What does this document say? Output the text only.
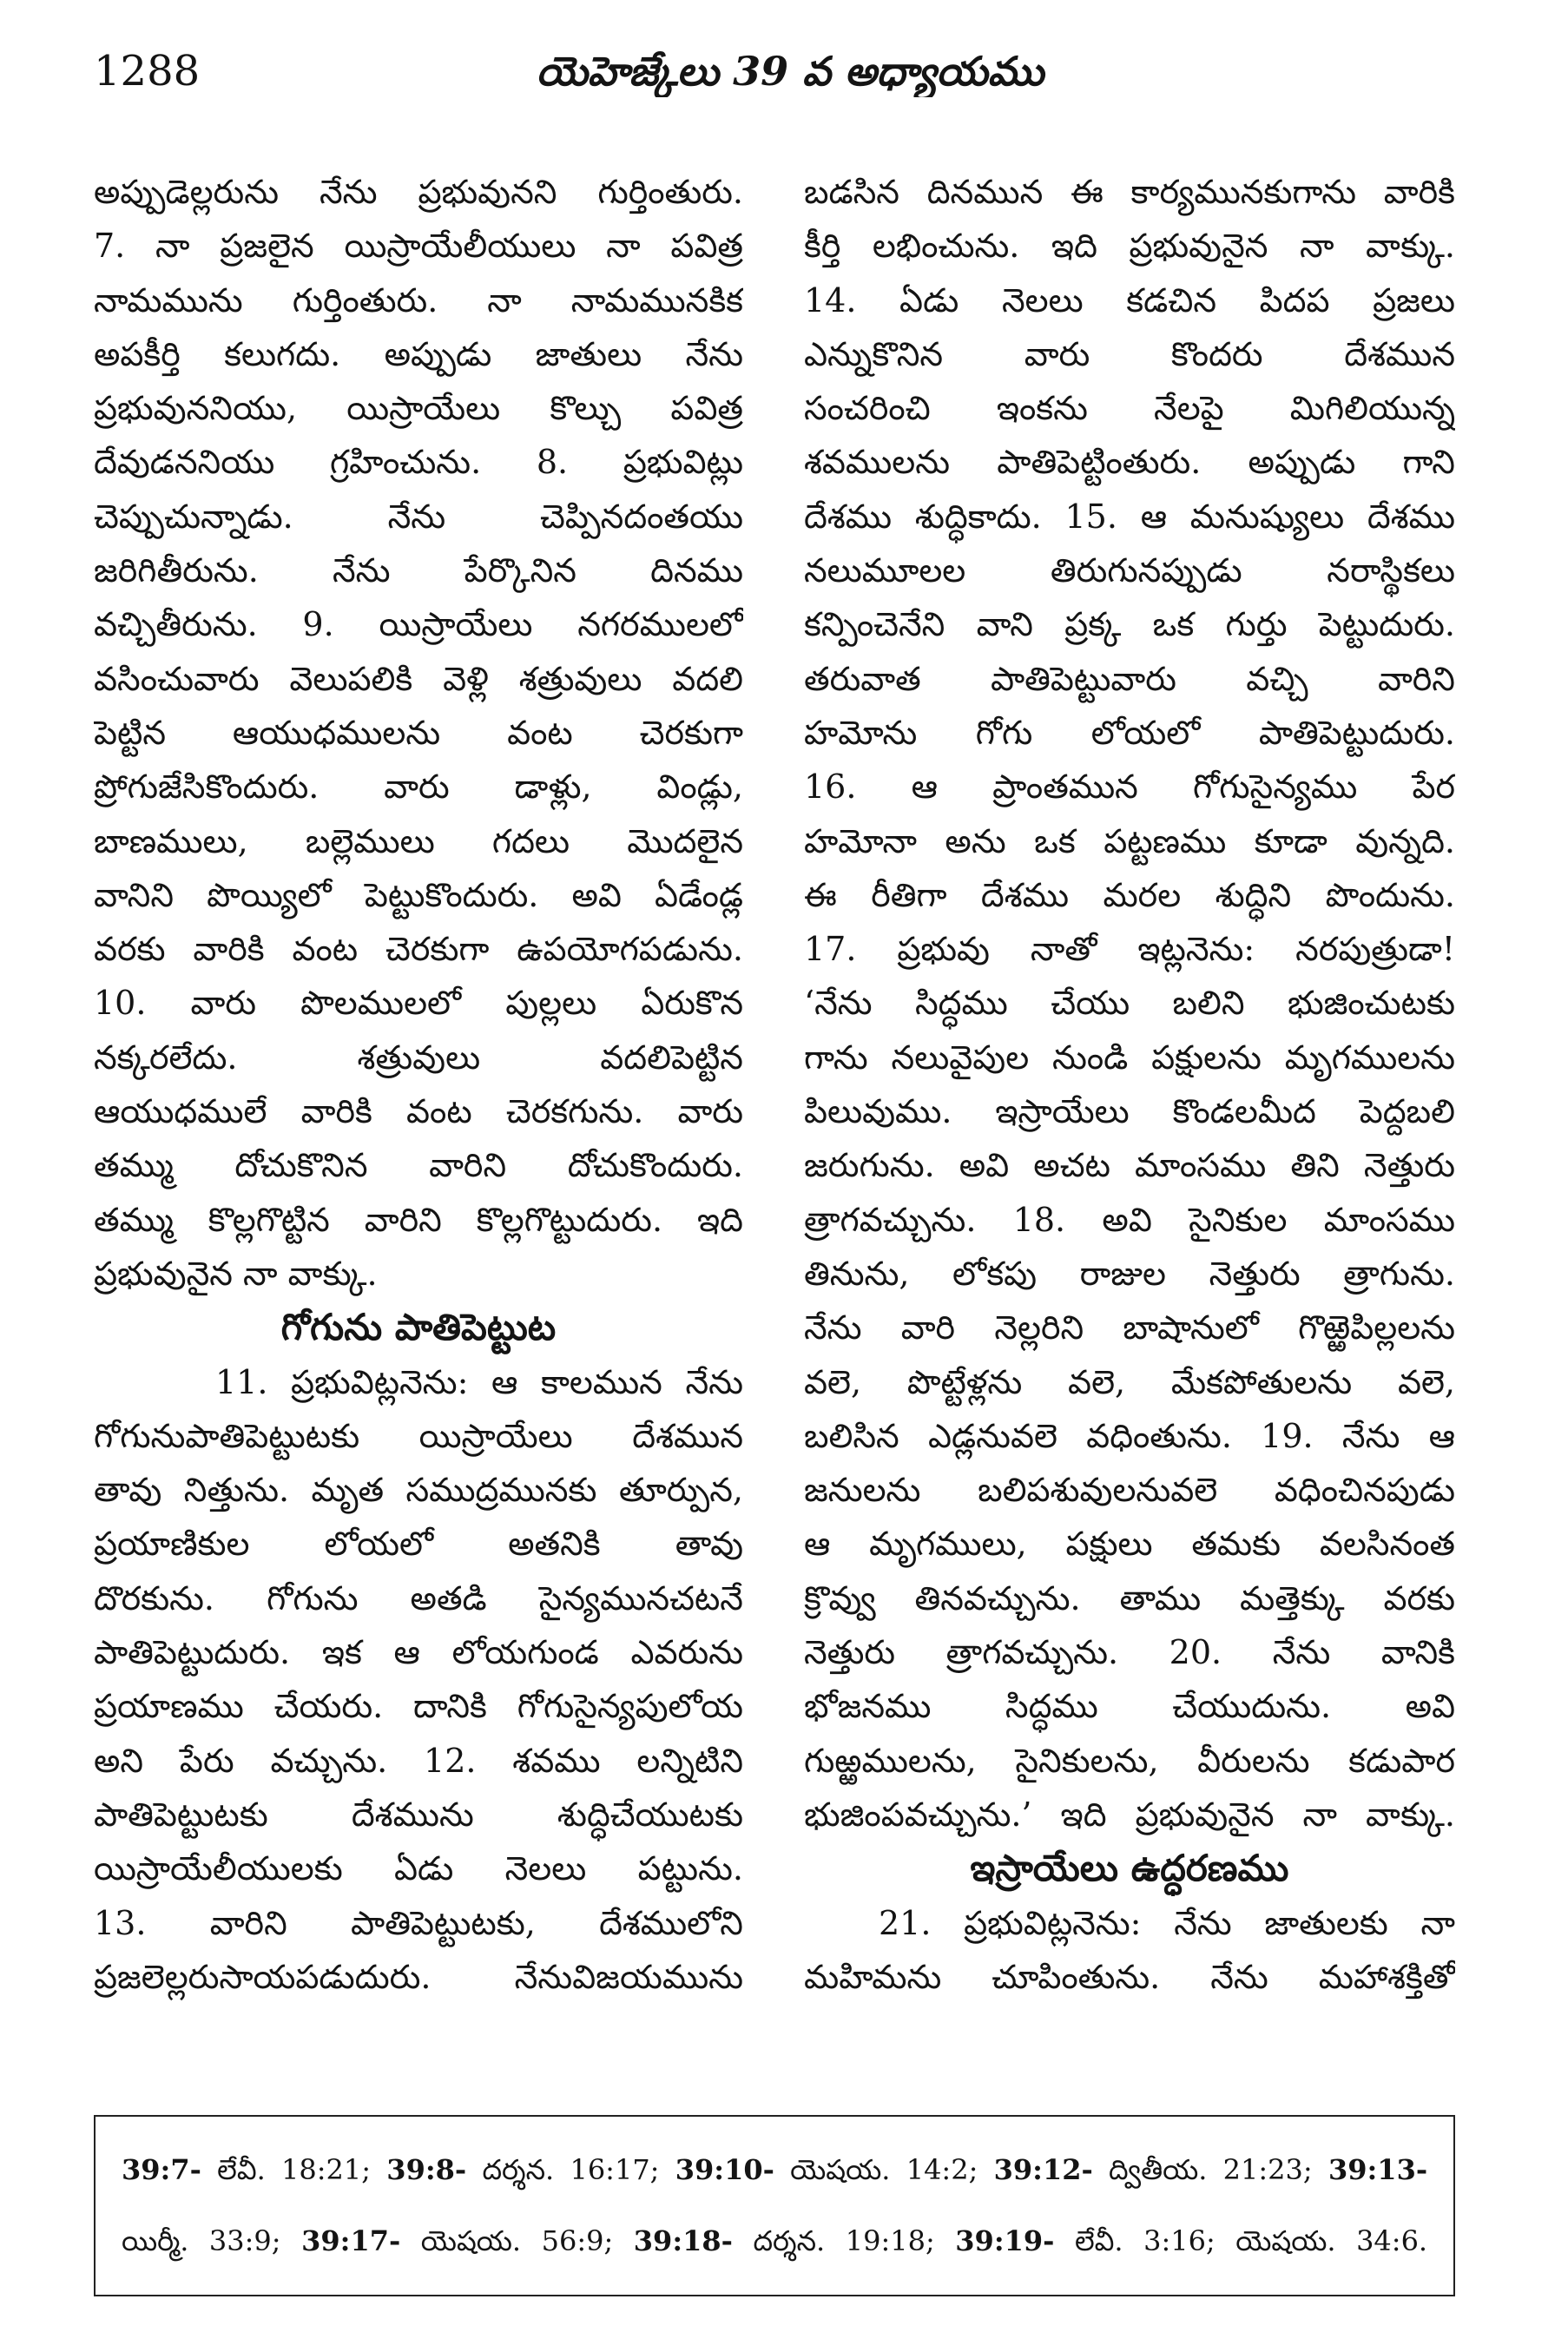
1288	యెహెజ్కేలు 39 వ అధ్యాయము
అప్పుడెల్లరును నేను ప్రభువునని గుర్తింతురు.
7. నా ప్రజలైన యిస్రాయేలీయులు నా పవిత్ర
నామమును గుర్తింతురు. నా నామమునకిక
అపకీర్తి కలుగదు. అప్పుడు జాతులు నేను
ప్రభువుననియు, యిస్రాయేలు కొల్చు పవిత్ర
దేవుడననియు గ్రహించును. 8. ప్రభువిట్లు
చెప్పుచున్నాడు. నేను చెప్పినదంతయు
జరిగితీరును. నేను పేర్కొనిన దినము
వచ్చితీరును. 9. యిస్రాయేలు నగరములలో
వసించువారు వెలుపలికి వెళ్లి శత్రువులు వదలి
పెట్టిన ఆయుధములను వంట చెరకుగా
ప్రోగుజేసికొందురు. వారు డాళ్లు, విండ్లు,
బాణములు, బల్లెములు గదలు మొదలైన
వానిని పొయ్యిలో పెట్టుకొందురు. అవి ఏడేండ్ల
వరకు వారికి వంట చెరకుగా ఉపయోగపడును.
10. వారు పొలములలో పుల్లలు ఏరుకొన
నక్కరలేదు. శత్రువులు వదలిపెట్టిన
ఆయుధములే వారికి వంట చెరకగును. వారు
తమ్ము దోచుకొనిన వారిని దోచుకొందురు.
తమ్ము కొల్లగొట్టిన వారిని కొల్లగొట్టుదురు. ఇది
ప్రభువునైన నా వాక్కు.
గోగును పాతిపెట్టుట
11. ప్రభువిట్లనెను: ఆ కాలమున నేను
గోగునుపాతిపెట్టుటకు యిస్రాయేలు దేశమున
తావు నిత్తును. మృత సముద్రమునకు తూర్పున,
ప్రయాణికుల లోయలో అతనికి తావు
దొరకును. గోగును అతడి సైన్యమునచటనే
పాతిపెట్టుదురు. ఇక ఆ లోయగుండ ఎవరును
ప్రయాణము చేయరు. దానికి గోగుసైన్యపులోయ
అని పేరు వచ్చును. 12. శవము లన్నిటిని
పాతిపెట్టుటకు దేశమును శుద్ధిచేయుటకు
యిస్రాయేలీయులకు ఏడు నెలలు పట్టును.
13. వారిని పాతిపెట్టుటకు, దేశములోని
ప్రజలెల్లరుసాయపడుదురు. నేనువిజయమును
బడసిన దినమున ఈ కార్యమునకుగాను వారికి
కీర్తి లభించును. ఇది ప్రభువునైన నా వాక్కు.
14. ఏడు నెలలు కడచిన పిదప ప్రజలు
ఎన్నుకొనిన వారు కొందరు దేశమున
సంచరించి ఇంకను నేలపై మిగిలియున్న
శవములను పాతిపెట్టింతురు. అప్పుడు గాని
దేశము శుద్ధికాదు. 15. ఆ మనుష్యులు దేశము
నలుమూలల తిరుగునప్పుడు నరాస్థికలు
కన్పించెనేని వాని ప్రక్క ఒక గుర్తు పెట్టుదురు.
తరువాత పాతిపెట్టువారు వచ్చి వారిని
హమోను గోగు లోయలో పాతిపెట్టుదురు.
16. ఆ ప్రాంతమున గోగుసైన్యము పేర
హమోనా అను ఒక పట్టణము కూడా వున్నది.
ఈ రీతిగా దేశము మరల శుద్ధిని పొందును.
17. ప్రభువు నాతో ఇట్లనెను: నరపుత్రుడా!
‘నేను సిద్ధము చేయు బలిని భుజించుటకు
గాను నలువైపుల నుండి పక్షులను మృగములను
పిలువుము. ఇస్రాయేలు కొండలమీద పెద్దబలి
జరుగును. అవి అచట మాంసము తిని నెత్తురు
త్రాగవచ్చును. 18. అవి సైనికుల మాంసము
తినును, లోకపు రాజుల నెత్తురు త్రాగును.
నేను వారి నెల్లరిని బాషానులో గొఱ్ఱెపిల్లలను
వలె, పొట్టేళ్లను వలె, మేకపోతులను వలె,
బలిసిన ఎడ్లనువలె వధింతును. 19. నేను ఆ
జనులను బలిపశువులనువలె వధించినపుడు
ఆ మృగములు, పక్షులు తమకు వలసినంత
క్రొవ్వు తినవచ్చును. తాము మత్తెక్కు వరకు
నెత్తురు త్రాగవచ్చును. 20. నేను వానికి
భోజనము సిద్ధము చేయుదును. అవి
గుఱ్ఱములను, సైనికులను, వీరులను కడుపార
భుజింపవచ్చును.’ ఇది ప్రభువునైన నా వాక్కు.
ఇస్రాయేలు ఉద్ధరణము
21. ప్రభువిట్లనెను: నేను జాతులకు నా
మహిమను చూపింతును. నేను మహాశక్తితో
39:7- లేవీ. 18:21; 39:8- దర్శన. 16:17; 39:10- యెషయ. 14:2; 39:12- ద్వితీయ. 21:23; 39:13-
యిర్మీ. 33:9; 39:17- యెషయ. 56:9; 39:18- దర్శన. 19:18; 39:19- లేవీ. 3:16; యెషయ. 34:6.
